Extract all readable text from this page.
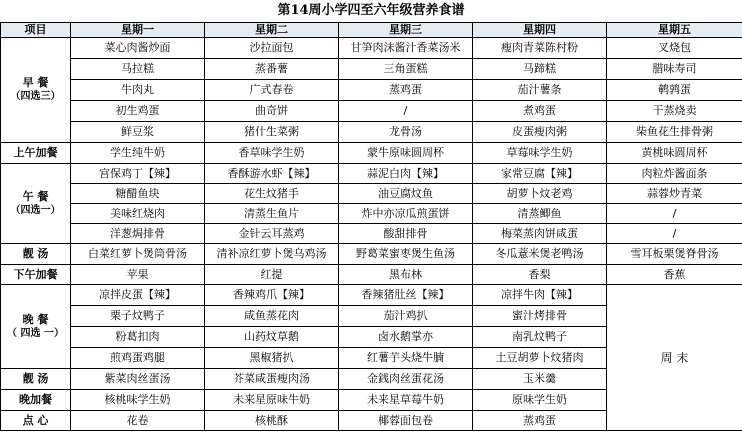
第14周小学四至六年级营养食谱
项目	星期一	星期二	星期三	星期四	星期五
早 餐
（四选三）	菜心肉酱炒面	沙拉面包	甘笋肉沫酱汁香菜汤米	瘦肉青菜陈村粉	叉烧包
	马拉糕	蒸番薯	三角蛋糕	马蹄糕	腊味寿司
	牛肉丸	广式春卷	蒸鸡蛋	茄汁薯条	鹌鹑蛋
	初生鸡蛋	曲奇饼	/	煮鸡蛋	干蒸烧卖
	鲜豆浆	猪什生菜粥	龙骨汤	皮蛋瘦肉粥	柴鱼花生排骨粥
上午加餐	学生纯牛奶	香草味学生奶	蒙牛原味圆周杯	草莓味学生奶	黄桃味圆周杯
午 餐
（四选一）	宫保鸡丁【辣】	香酥游水虾【辣】	蒜泥白肉【辣】	家常豆腐【辣】	肉粒炸酱面条
	糖醋鱼块	花生炆猪手	油豆腐炆鱼	胡萝卜炆老鸡	蒜蓉炒青菜
	美味红烧肉	清蒸生鱼片	炸中亦凉瓜煎蛋饼	清蒸鲫鱼	/
	洋葱焗排骨	金针云耳蒸鸡	酸甜排骨	梅菜蒸肉饼咸蛋	/
靓 汤	白菜红萝卜煲筒骨汤	清补凉红萝卜煲乌鸡汤	野葛菜蜜枣煲生鱼汤	冬瓜薏米煲老鸭汤	雪耳板栗煲脊骨汤
下午加餐	苹果	红提	黑布林	香梨	香蕉
晚 餐
（ 四选 一）	凉拌皮蛋【辣】	香辣鸡爪【辣】	香辣猪肚丝【辣】	凉拌牛肉【辣】	周 末
	栗子炆鸭子	咸鱼蒸花肉	茄汁鸡扒	蜜汁烤排骨	
	粉葛扣肉	山药炆草鹅	卤水鹅掌亦	南乳炆鸭子	
	煎鸡蛋鸡腿	黑椒猪扒	红薯芋头烧牛腩	土豆胡萝卜炆猪肉	
靓 汤	紫菜肉丝蛋汤	芥菜咸蛋瘦肉汤	金銭肉丝蛋花汤	玉米羹	
晚加餐	核桃味学生奶	未来星原味牛奶	未来星草莓牛奶	原味学生奶	
点 心	花卷	核桃酥	椰蓉面包卷	蒸鸡蛋	
